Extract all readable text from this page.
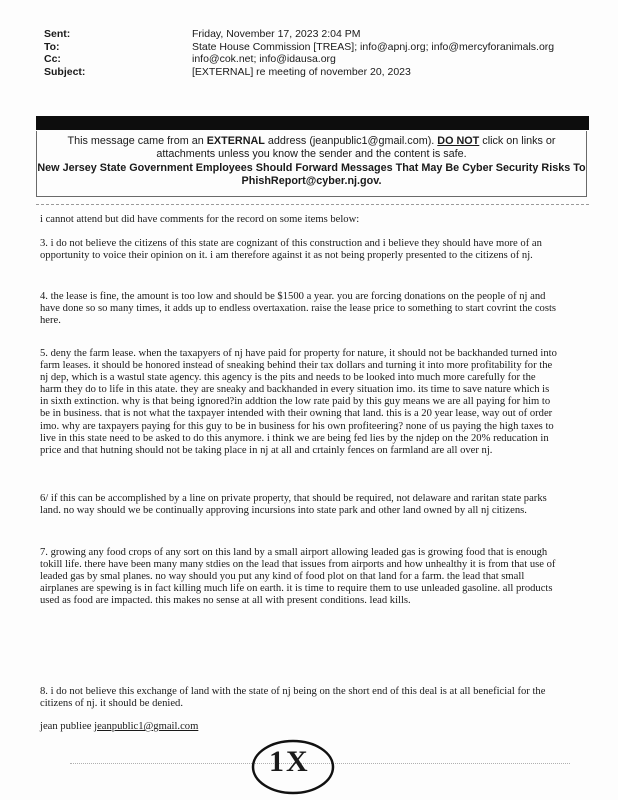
Sent:	Friday, November 17, 2023 2:04 PM
To:	State House Commission [TREAS]; info@apnj.org; info@mercyforanimals.org
Cc:	info@cok.net; info@idausa.org
Subject:	[EXTERNAL] re meeting of november 20, 2023
This message came from an EXTERNAL address (jeanpublic1@gmail.com). DO NOT click on links or
attachments unless you know the sender and the content is safe.
New Jersey State Government Employees Should Forward Messages That May Be Cyber Security Risks To
PhishReport@cyber.nj.gov.

i cannot attend but did have comments for the record on some items below:

3. i do not believe the citizens of this state are cognizant of this construction and i believe they should have more of an opportunity to voice their opinion on it. i am therefore against it as not being properly presented to the citizens of nj.

4. the lease is fine, the amount is too low and should be $1500 a year. you are forcing donations on the people of nj and have done so so many times, it adds up to endless overtaxation. raise the lease price to something to start covrint the costs here.

5. deny the farm lease. when the taxapyers of nj have paid for property for nature, it should not be backhanded turned into farm leases. it should be honored instead of sneaking behind their tax dollars and turning it into more profitability for the nj dep, which is a wastul state agency. this agency is the pits and needs to be looked into much more carefully for the harm they do to life in this atate. they are sneaky and backhanded in every situation imo. its time to save nature which is in sixth extinction. why is that being ignored?in addtion the low rate paid by this guy means we are all paying for him to be in business. that is not what the taxpayer intended with their owning that land. this is a 20 year lease, way out of order imo. why are taxpayers paying for this guy to be in business for his own profiteering? none of us paying the high taxes to live in this state need to be asked to do this anymore. i think we are being fed lies by the njdep on the 20% reducation in price and that hutning should not be taking place in nj at all and crtainly fences on farmland are all over nj.

6/ if this can be accomplished by a line on private property, that should be required, not delaware and raritan state parks land. no way should we be continually approving incursions into state park and other land owned by all nj citizens.

7. growing any food crops of any sort on this land by a small airport allowing leaded gas is growing food that is enough tokill life. there have been many many stdies on the lead that issues from airports and how unhealthy it is from that use of leaded gas by smal planes. no way should you put any kind of food plot on that land for a farm. the lead that small airplanes are spewing is in fact killing much life on earth. it is time to require them to use unleaded gasoline. all products used as food are impacted. this makes no sense at all with present conditions. lead kills.

8. i do not believe this exchange of land with the state of nj being on the short end of this deal is at all beneficial for the citizens of nj. it should be denied.

jean publiee jeanpublic1@gmail.com

1X
